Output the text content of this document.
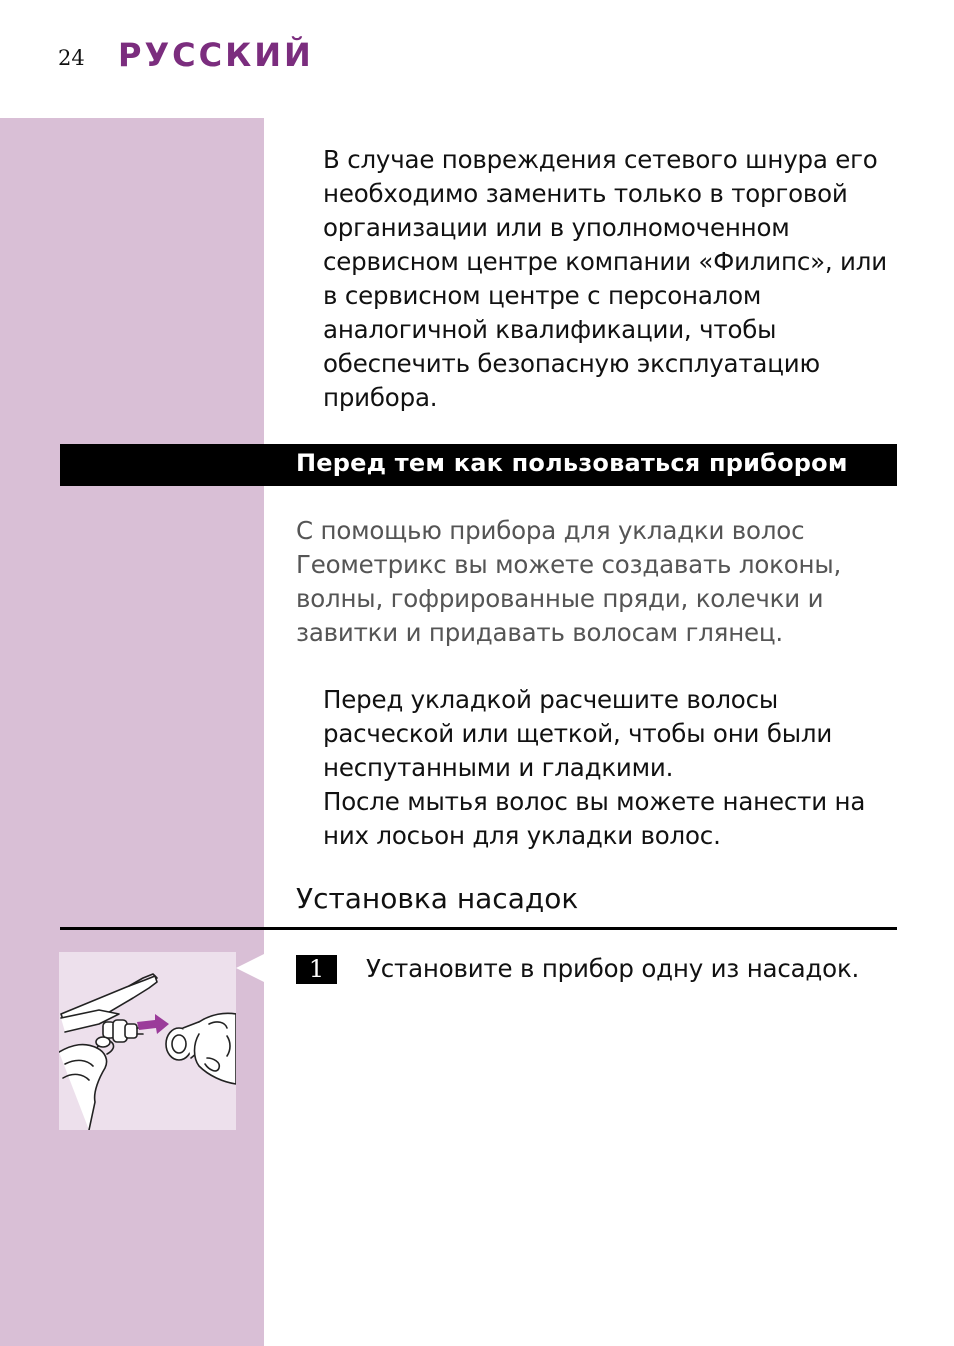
24 РУССКИЙ

В случае повреждения сетевого шнура его
необходимо заменить только в торговой
организации или в уполномоченном
сервисном центре компании «Филипс», или
в сервисном центре с персоналом
аналогичной квалификации, чтобы
обеспечить безопасную эксплуатацию
прибора.

Перед тем как пользоваться прибором

С помощью прибора для укладки волос
Геометрикс вы можете создавать локоны,
волны, гофрированные пряди, колечки и
завитки и придавать волосам глянец.

Перед укладкой расчешите волосы
расческой или щеткой, чтобы они были
неспутанными и гладкими.
После мытья волос вы можете нанести на
них лосьон для укладки волос.

Установка насадок
1	Установите в прибор одну из насадок.
